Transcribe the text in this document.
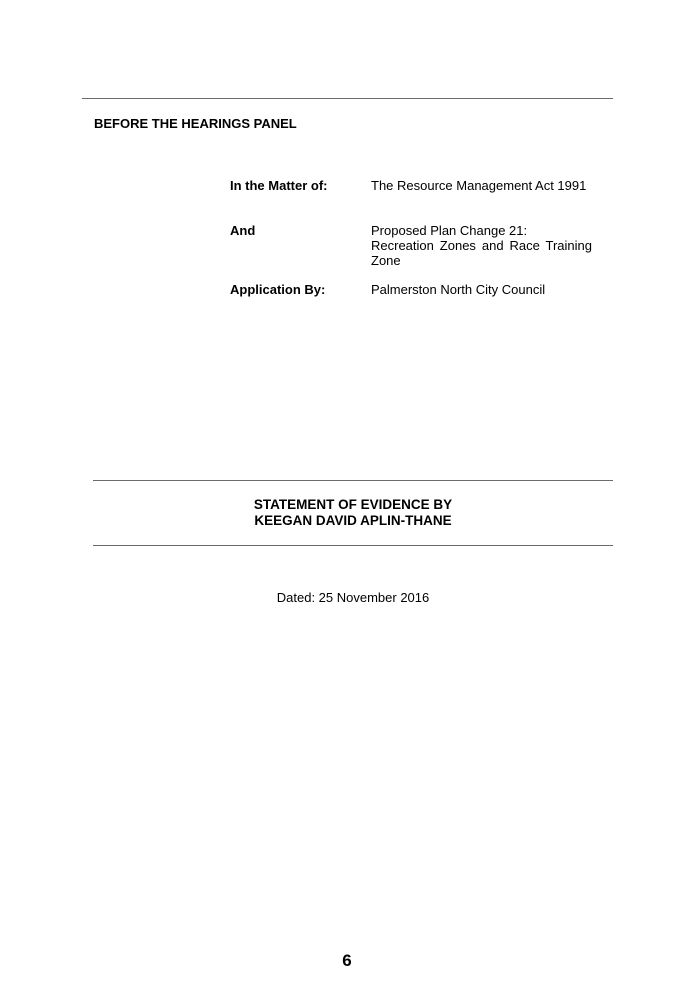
BEFORE THE HEARINGS PANEL
In the Matter of:	The Resource Management Act 1991
And	Proposed Plan Change 21:
Recreation Zones and Race Training
Zone
Application By:	Palmerston North City Council
STATEMENT OF EVIDENCE BY
KEEGAN DAVID APLIN-THANE
Dated: 25 November 2016
6
